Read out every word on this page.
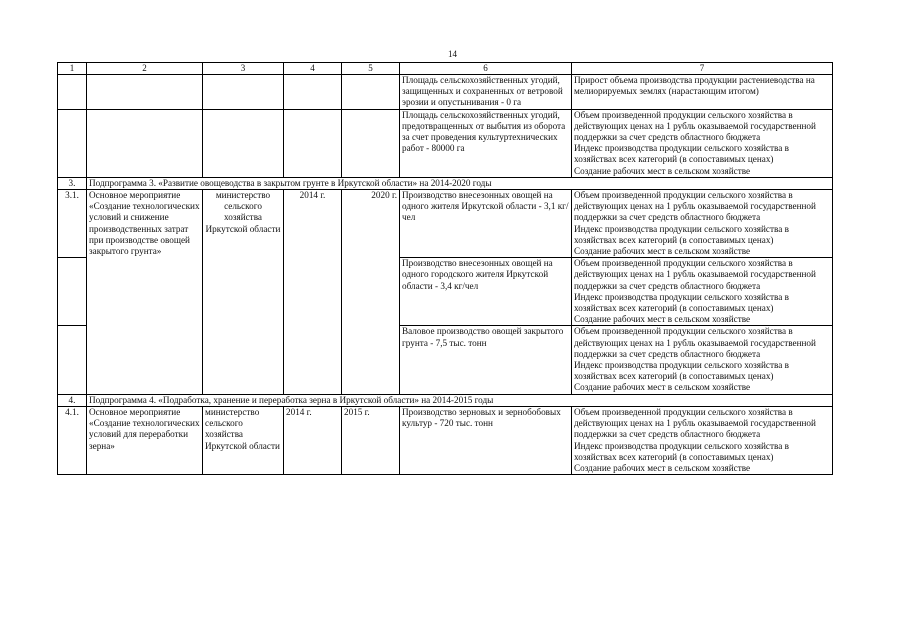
14
1	2	3	4	5	6	7
					Площадь сельскохозяйственных угодий, защищенных и сохраненных от ветровой эрозии и опустынивания - 0 га	Прирост объема производства продукции растениеводства на мелиорируемых землях (нарастающим итогом)

					Площадь сельскохозяйственных угодий, предотвращенных от выбытия из оборота за счет проведения культуртехнических работ - 80000 га	Объем произведенной продукции сельского хозяйства в действующих ценах на 1 рубль оказываемой государственной поддержки за счет средств областного бюджета
Индекс производства продукции сельского хозяйства в хозяйствах всех категорий (в сопоставимых ценах)
Создание рабочих мест в сельском хозяйстве

3.	Подпрограмма 3. «Развитие овощеводства в закрытом грунте в Иркутской области» на 2014-2020 годы					
3.1.	Основное мероприятие «Создание технологических условий и снижение производственных затрат при производстве овощей закрытого грунта»	министерство сельского хозяйства Иркутской области	2014 г.	2020 г.	Производство внесезонных овощей на одного жителя Иркутской области - 3,1 кг/чел	Объем произведенной продукции сельского хозяйства в действующих ценах на 1 рубль оказываемой государственной поддержки за счет средств областного бюджета
Индекс производства продукции сельского хозяйства в хозяйствах всех категорий (в сопоставимых ценах)
Создание рабочих мест в сельском хозяйстве

					Производство внесезонных овощей на одного городского жителя Иркутской области - 3,4 кг/чел	Объем произведенной продукции сельского хозяйства в действующих ценах на 1 рубль оказываемой государственной поддержки за счет средств областного бюджета
Индекс производства продукции сельского хозяйства в хозяйствах всех категорий (в сопоставимых ценах)
Создание рабочих мест в сельском хозяйстве

					Валовое производство овощей закрытого грунта - 7,5 тыс. тонн	Объем произведенной продукции сельского хозяйства в действующих ценах на 1 рубль оказываемой государственной поддержки за счет средств областного бюджета
Индекс производства продукции сельского хозяйства в хозяйствах всех категорий (в сопоставимых ценах)
Создание рабочих мест в сельском хозяйстве

4.	Подпрограмма 4. «Подработка, хранение и переработка зерна в Иркутской области» на 2014-2015 годы					
4.1.	Основное мероприятие «Создание технологических условий для переработки зерна»	министерство сельского хозяйства Иркутской области	2014 г.	2015 г.	Производство зерновых и зернобобовых культур - 720 тыс. тонн	Объем произведенной продукции сельского хозяйства в действующих ценах на 1 рубль оказываемой государственной поддержки за счет средств областного бюджета
Индекс производства продукции сельского хозяйства в хозяйствах всех категорий (в сопоставимых ценах)
Создание рабочих мест в сельском хозяйстве
